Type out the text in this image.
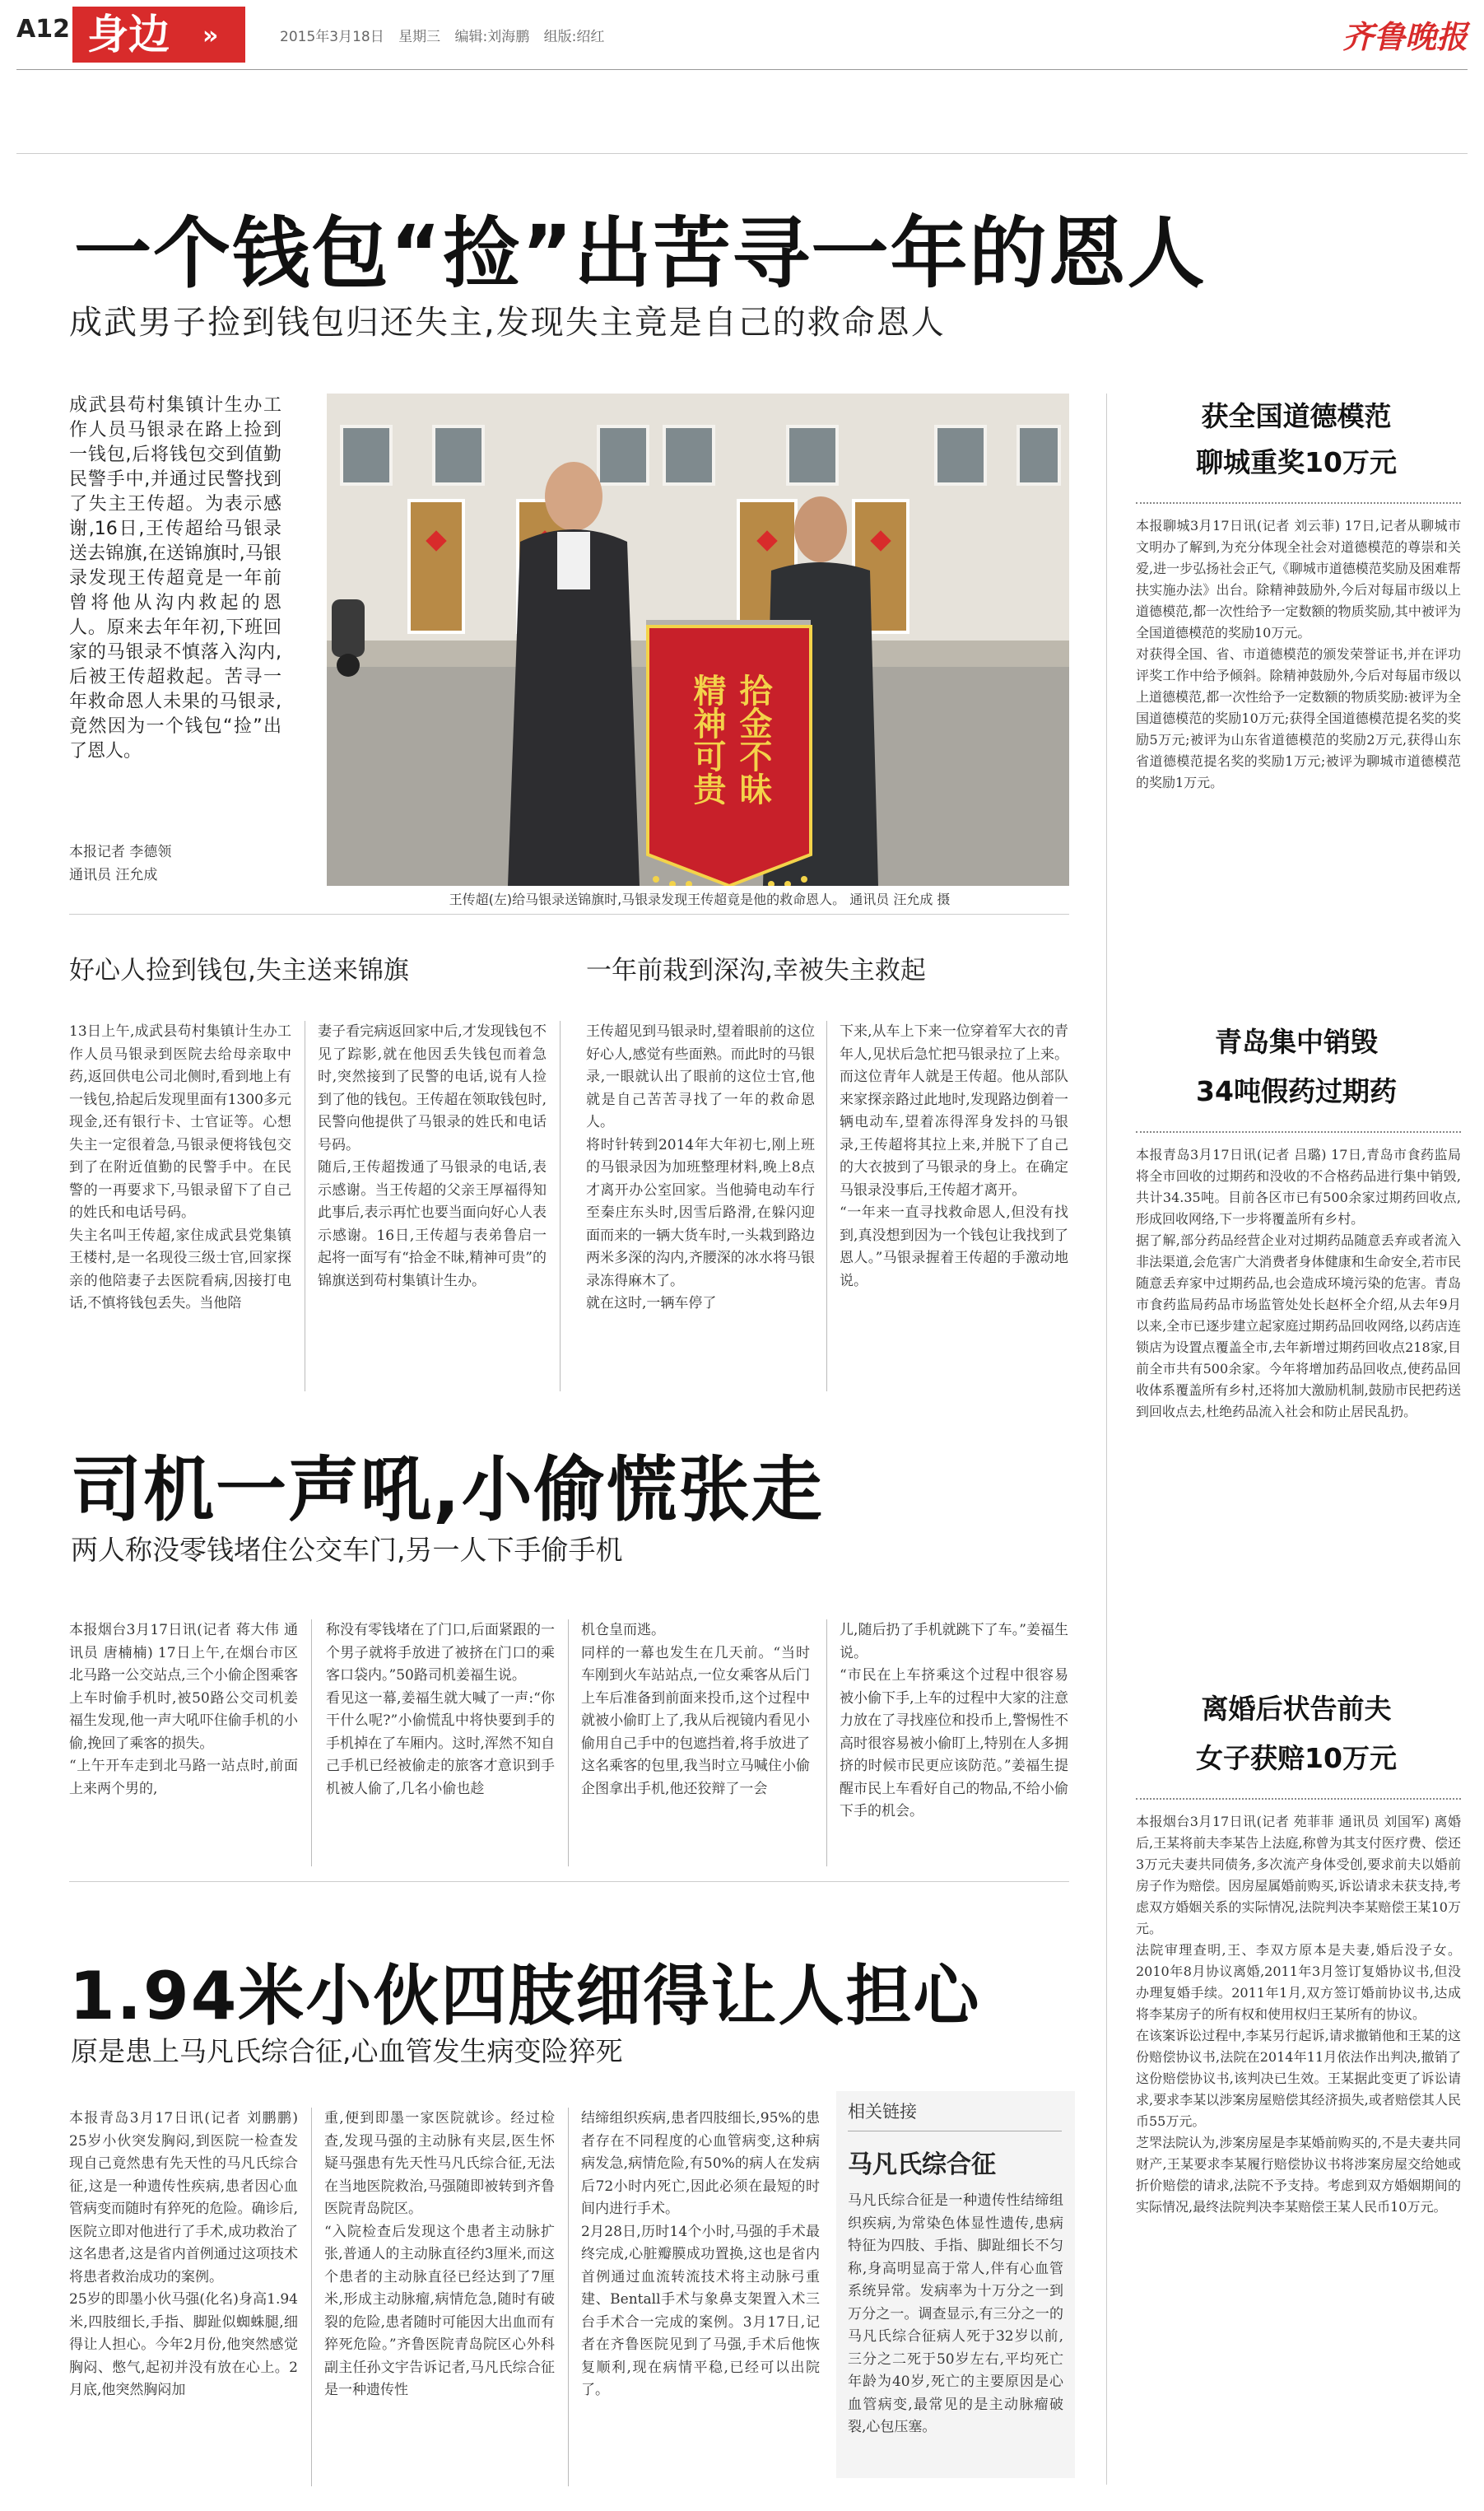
A12 身边	»	2015年3月18日 星期三 编辑:刘海鹏 组版:绍红	齐鲁晚报
一个钱包“捡”出苦寻一年的恩人
成武男子捡到钱包归还失主,发现失主竟是自己的救命恩人
成武县苟村集镇计生办工作人员马银录在路上捡到一钱包,后将钱包交到值勤民警手中,并通过民警找到了失主王传超。为表示感谢,16日,王传超给马银录送去锦旗,在送锦旗时,马银录发现王传超竟是一年前曾将他从沟内救起的恩人。原来去年年初,下班回家的马银录不慎落入沟内,后被王传超救起。苦寻一年救命恩人未果的马银录,竟然因为一个钱包“捡”出了恩人。
本报记者 李德领
通讯员 汪允成
拾金不昧
精神可贵
王传超(左)给马银录送锦旗时,马银录发现王传超竟是他的救命恩人。 通讯员 汪允成 摄
好心人捡到钱包,失主送来锦旗	一年前栽到深沟,幸被失主救起
13日上午,成武县苟村集镇计生办工作人员马银录到医院去给母亲取中药,返回供电公司北侧时,看到地上有一钱包,拾起后发现里面有1300多元现金,还有银行卡、士官证等。心想失主一定很着急,马银录便将钱包交到了在附近值勤的民警手中。在民警的一再要求下,马银录留下了自己的姓氏和电话号码。
失主名叫王传超,家住成武县党集镇王楼村,是一名现役三级士官,回家探亲的他陪妻子去医院看病,因接打电话,不慎将钱包丢失。当他陪
妻子看完病返回家中后,才发现钱包不见了踪影,就在他因丢失钱包而着急时,突然接到了民警的电话,说有人捡到了他的钱包。王传超在领取钱包时,民警向他提供了马银录的姓氏和电话号码。
随后,王传超拨通了马银录的电话,表示感谢。当王传超的父亲王厚福得知此事后,表示再忙也要当面向好心人表示感谢。16日,王传超与表弟鲁启一起将一面写有“拾金不昧,精神可贵”的锦旗送到苟村集镇计生办。
王传超见到马银录时,望着眼前的这位好心人,感觉有些面熟。而此时的马银录,一眼就认出了眼前的这位士官,他就是自己苦苦寻找了一年的救命恩人。
将时针转到2014年大年初七,刚上班的马银录因为加班整理材料,晚上8点才离开办公室回家。当他骑电动车行至秦庄东头时,因雪后路滑,在躲闪迎面而来的一辆大货车时,一头栽到路边两米多深的沟内,齐腰深的冰水将马银录冻得麻木了。
就在这时,一辆车停了
下来,从车上下来一位穿着军大衣的青年人,见状后急忙把马银录拉了上来。而这位青年人就是王传超。他从部队来家探亲路过此地时,发现路边倒着一辆电动车,望着冻得浑身发抖的马银录,王传超将其拉上来,并脱下了自己的大衣披到了马银录的身上。在确定马银录没事后,王传超才离开。
“一年来一直寻找救命恩人,但没有找到,真没想到因为一个钱包让我找到了恩人。”马银录握着王传超的手激动地说。
司机一声吼,小偷慌张走
两人称没零钱堵住公交车门,另一人下手偷手机
本报烟台3月17日讯(记者 蒋大伟 通讯员 唐楠楠) 17日上午,在烟台市区北马路一公交站点,三个小偷企图乘客上车时偷手机时,被50路公交司机姜福生发现,他一声大吼吓住偷手机的小偷,挽回了乘客的损失。
“上午开车走到北马路一站点时,前面上来两个男的,
称没有零钱堵在了门口,后面紧跟的一个男子就将手放进了被挤在门口的乘客口袋内。”50路司机姜福生说。
看见这一幕,姜福生就大喊了一声:“你干什么呢?”小偷慌乱中将快要到手的手机掉在了车厢内。这时,浑然不知自己手机已经被偷走的旅客才意识到手机被人偷了,几名小偷也趁
机仓皇而逃。
同样的一幕也发生在几天前。“当时车刚到火车站站点,一位女乘客从后门上车后准备到前面来投币,这个过程中就被小偷盯上了,我从后视镜内看见小偷用自己手中的包遮挡着,将手放进了这名乘客的包里,我当时立马喊住小偷企图拿出手机,他还狡辩了一会
儿,随后扔了手机就跳下了车。”姜福生说。
“市民在上车挤乘这个过程中很容易被小偷下手,上车的过程中大家的注意力放在了寻找座位和投币上,警惕性不高时很容易被小偷盯上,特别在人多拥挤的时候市民更应该防范。”姜福生提醒市民上车看好自己的物品,不给小偷下手的机会。
1.94米小伙四肢细得让人担心
原是患上马凡氏综合征,心血管发生病变险猝死
本报青岛3月17日讯(记者 刘鹏鹏) 25岁小伙突发胸闷,到医院一检查发现自己竟然患有先天性的马凡氏综合征,这是一种遗传性疾病,患者因心血管病变而随时有猝死的危险。确诊后,医院立即对他进行了手术,成功救治了这名患者,这是省内首例通过这项技术将患者救治成功的案例。
25岁的即墨小伙马强(化名)身高1.94米,四肢细长,手指、脚趾似蜘蛛腿,细得让人担心。今年2月份,他突然感觉胸闷、憋气,起初并没有放在心上。2月底,他突然胸闷加
重,便到即墨一家医院就诊。经过检查,发现马强的主动脉有夹层,医生怀疑马强患有先天性马凡氏综合征,无法在当地医院救治,马强随即被转到齐鲁医院青岛院区。
“入院检查后发现这个患者主动脉扩张,普通人的主动脉直径约3厘米,而这个患者的主动脉直径已经达到了7厘米,形成主动脉瘤,病情危急,随时有破裂的危险,患者随时可能因大出血而有猝死危险。”齐鲁医院青岛院区心外科副主任孙文宇告诉记者,马凡氏综合征是一种遗传性
结缔组织疾病,患者四肢细长,95%的患者存在不同程度的心血管病变,这种病病发急,病情危险,有50%的病人在发病后72小时内死亡,因此必须在最短的时间内进行手术。
2月28日,历时14个小时,马强的手术最终完成,心脏瓣膜成功置换,这也是省内首例通过血流转流技术将主动脉弓重建、Bentall手术与象鼻支架置入术三台手术合一完成的案例。3月17日,记者在齐鲁医院见到了马强,手术后他恢复顺利,现在病情平稳,已经可以出院了。
相关链接
马凡氏综合征
马凡氏综合征是一种遗传性结缔组织疾病,为常染色体显性遗传,患病特征为四肢、手指、脚趾细长不匀称,身高明显高于常人,伴有心血管系统异常。发病率为十万分之一到万分之一。调查显示,有三分之一的马凡氏综合征病人死于32岁以前,三分之二死于50岁左右,平均死亡年龄为40岁,死亡的主要原因是心血管病变,最常见的是主动脉瘤破裂,心包压塞。
获全国道德模范
聊城重奖10万元
本报聊城3月17日讯(记者 刘云菲) 17日,记者从聊城市文明办了解到,为充分体现全社会对道德模范的尊崇和关爱,进一步弘扬社会正气,《聊城市道德模范奖励及困难帮扶实施办法》出台。除精神鼓励外,今后对每届市级以上道德模范,都一次性给予一定数额的物质奖励,其中被评为全国道德模范的奖励10万元。
对获得全国、省、市道德模范的颁发荣誉证书,并在评功评奖工作中给予倾斜。除精神鼓励外,今后对每届市级以上道德模范,都一次性给予一定数额的物质奖励:被评为全国道德模范的奖励10万元;获得全国道德模范提名奖的奖励5万元;被评为山东省道德模范的奖励2万元,获得山东省道德模范提名奖的奖励1万元;被评为聊城市道德模范的奖励1万元。
青岛集中销毁
34吨假药过期药
本报青岛3月17日讯(记者 吕璐) 17日,青岛市食药监局将全市回收的过期药和没收的不合格药品进行集中销毁,共计34.35吨。目前各区市已有500余家过期药回收点,形成回收网络,下一步将覆盖所有乡村。
据了解,部分药品经营企业对过期药品随意丢弃或者流入非法渠道,会危害广大消费者身体健康和生命安全,若市民随意丢弃家中过期药品,也会造成环境污染的危害。青岛市食药监局药品市场监管处处长赵杯全介绍,从去年9月以来,全市已逐步建立起家庭过期药品回收网络,以药店连锁店为设置点覆盖全市,去年新增过期药回收点218家,目前全市共有500余家。今年将增加药品回收点,使药品回收体系覆盖所有乡村,还将加大激励机制,鼓励市民把药送到回收点去,杜绝药品流入社会和防止居民乱扔。
离婚后状告前夫
女子获赔10万元
本报烟台3月17日讯(记者 苑菲菲 通讯员 刘国军) 离婚后,王某将前夫李某告上法庭,称曾为其支付医疗费、偿还3万元夫妻共同债务,多次流产身体受创,要求前夫以婚前房子作为赔偿。因房屋属婚前购买,诉讼请求未获支持,考虑双方婚姻关系的实际情况,法院判决李某赔偿王某10万元。
法院审理查明,王、李双方原本是夫妻,婚后没子女。2010年8月协议离婚,2011年3月签订复婚协议书,但没办理复婚手续。2011年1月,双方签订婚前协议书,达成将李某房子的所有权和使用权归王某所有的协议。
在该案诉讼过程中,李某另行起诉,请求撤销他和王某的这份赔偿协议书,法院在2014年11月依法作出判决,撤销了这份赔偿协议书,该判决已生效。王某据此变更了诉讼请求,要求李某以涉案房屋赔偿其经济损失,或者赔偿其人民币55万元。
芝罘法院认为,涉案房屋是李某婚前购买的,不是夫妻共同财产,王某要求李某履行赔偿协议书将涉案房屋交给她或折价赔偿的请求,法院不予支持。考虑到双方婚姻期间的实际情况,最终法院判决李某赔偿王某人民币10万元。
